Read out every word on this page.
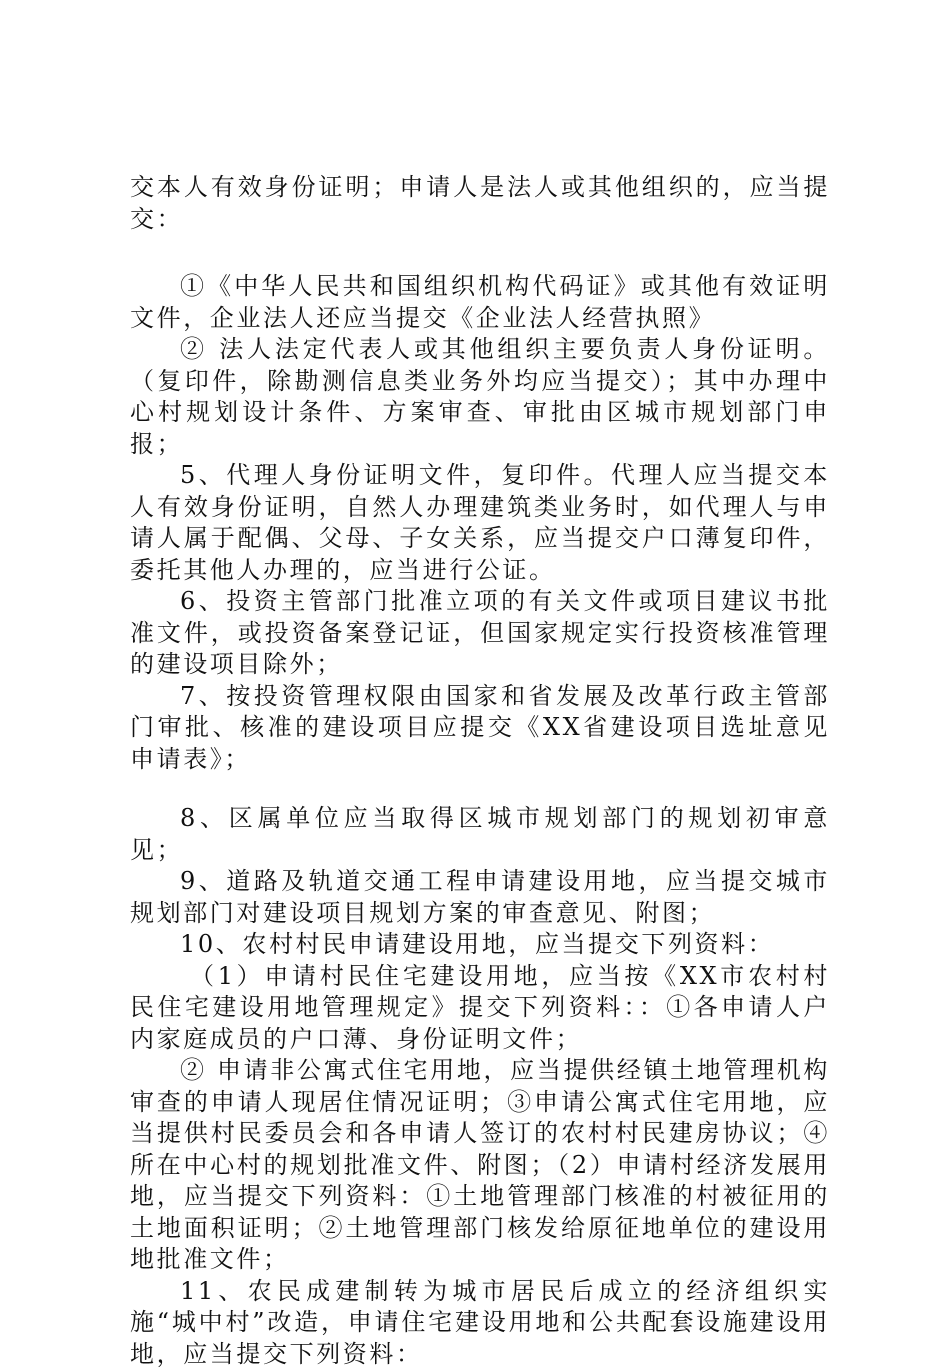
交本人有效身份证明；申请人是法人或其他组织的，应当提交：

①《中华人民共和国组织机构代码证》或其他有效证明文件，企业法人还应当提交《企业法人经营执照》

② 法人法定代表人或其他组织主要负责人身份证明。（复印件，除勘测信息类业务外均应当提交）；其中办理中心村规划设计条件、方案审查、审批由区城市规划部门申报；

5、代理人身份证明文件，复印件。代理人应当提交本人有效身份证明，自然人办理建筑类业务时，如代理人与申请人属于配偶、父母、子女关系，应当提交户口薄复印件，委托其他人办理的，应当进行公证。

6、投资主管部门批准立项的有关文件或项目建议书批准文件，或投资备案登记证，但国家规定实行投资核准管理的建设项目除外；

7、按投资管理权限由国家和省发展及改革行政主管部门审批、核准的建设项目应提交《XX省建设项目选址意见申请表》；

8、区属单位应当取得区城市规划部门的规划初审意见；

9、道路及轨道交通工程申请建设用地，应当提交城市规划部门对建设项目规划方案的审查意见、附图；

10、农村村民申请建设用地，应当提交下列资料：

（1）申请村民住宅建设用地，应当按《XX市农村村民住宅建设用地管理规定》提交下列资料：：①各申请人户内家庭成员的户口薄、身份证明文件；

② 申请非公寓式住宅用地，应当提供经镇土地管理机构审查的申请人现居住情况证明；③申请公寓式住宅用地，应当提供村民委员会和各申请人签订的农村村民建房协议；④所在中心村的规划批准文件、附图；（2）申请村经济发展用地，应当提交下列资料：①土地管理部门核准的村被征用的土地面积证明；②土地管理部门核发给原征地单位的建设用地批准文件；

11、农民成建制转为城市居民后成立的经济组织实施“城中村”改造，申请住宅建设用地和公共配套设施建设用地，应当提交下列资料：
